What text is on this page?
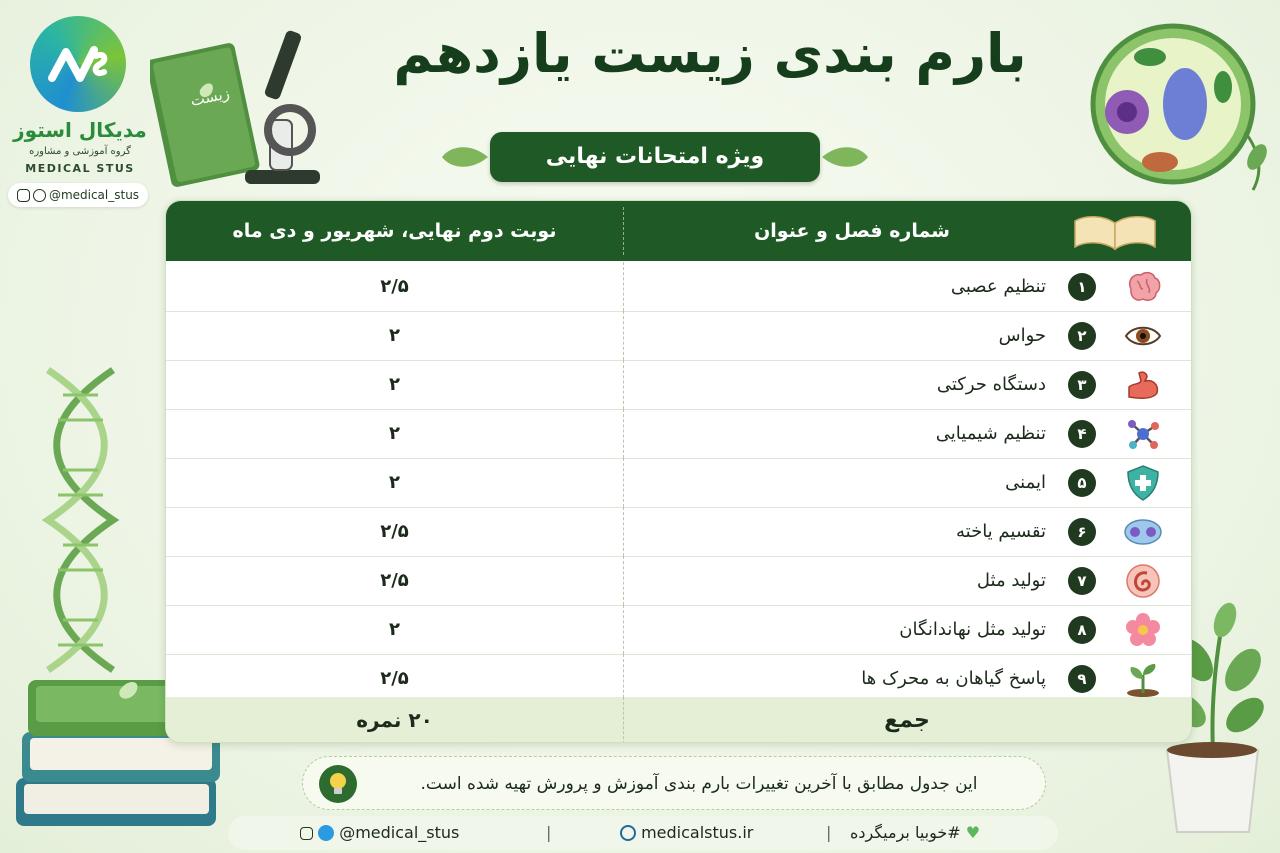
مدیکال استوز
گروه آموزشی و مشاوره
MEDICAL STUS
@medical_stus
زیست
بارم بندی زیست یازدهم
ویژه امتحانات نهایی
نوبت دوم نهایی، شهریور و دی ماه	شماره فصل و عنوان
۲/۵	تنظیم عصبی	۱
۲	حواس	۲
۲	دستگاه حرکتی	۳
۲	تنظیم شیمیایی	۴
۲	ایمنی	۵
۲/۵	تقسیم یاخته	۶
۲/۵	تولید مثل	۷
۲	تولید مثل نهاندانگان	۸
۲/۵	پاسخ گیاهان به محرک ها	۹
۲۰ نمره	جمع
این جدول مطابق با آخرین تغییرات بارم بندی آموزش و پرورش تهیه شده است.
@medical_stus	|	medicalstus.ir	|	♥ #خوبیا برمیگرده
